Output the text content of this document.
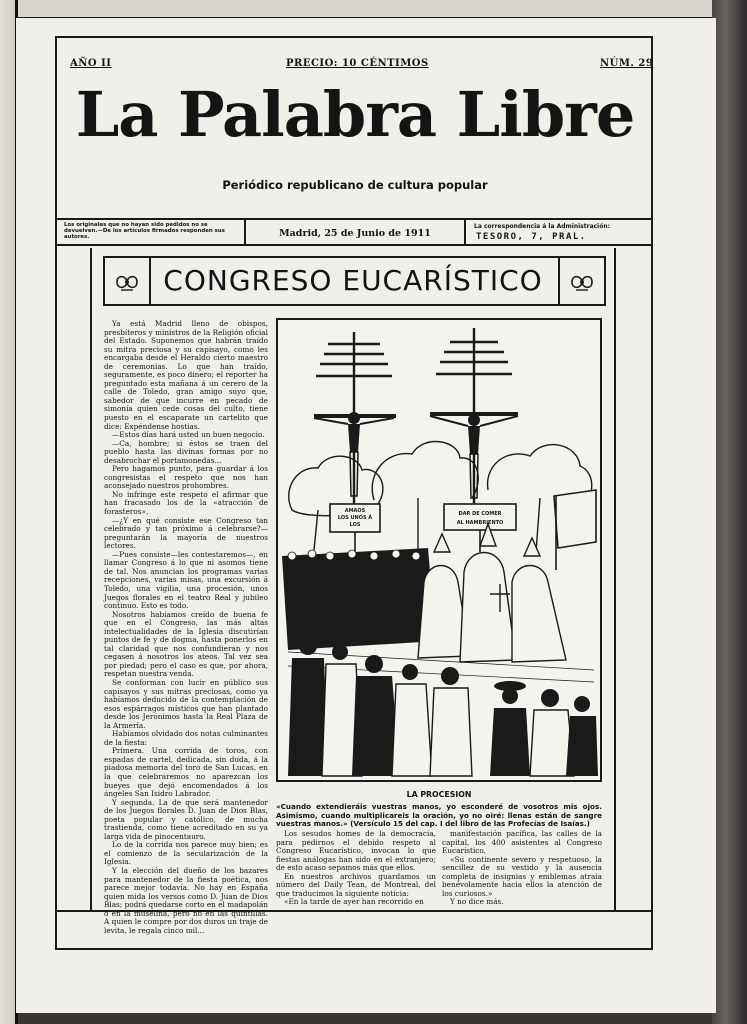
AÑO II	PRECIO: 10 CÉNTIMOS	NÚM. 29
La Palabra Libre
Periódico republicano de cultura popular
Los originales que no hayan sido pedidos no se devuelven.—De los artículos firmados responden sus autores.	Madrid, 25 de Junio de 1911
La correspondencia á la Administración:
TESORO, 7, PRAL.
CONGRESO EUCARÍSTICO

Ya está Madrid lleno de obispos, presbíteros y ministros de la Religión oficial del Estado. Suponemos que habrán traído su mitra preciosa y su capisayo, como les encargaba desde el Heraldo cierto maestro de ceremonias. Lo que han traído, seguramente, es poco dinero; el reporter ha preguntado esta mañana á un cerero de la calle de Toledo, gran amigo suyo que, sabedor de que incurre en pecado de simonía quien cede cosas del culto, tiene puesto en el escaparate un cartelito que dice: Expéndense hostias.

—Estos días hará usted un buen negocio.

—Ca, hombre; si éstos se traen del pueblo hasta las divinas formas por no desabrochar el portamonedas...

Pero hagamos punto, para guardar á los congresistas el respeto que nos han aconsejado nuestros prohombres.

No infringe este respeto el afirmar que han fracasado los de la «atracción de forasteros».

—¿Y en qué consiste ese Congreso tan celebrado y tan próximo á celebrarse?—preguntarán la mayoría de nuestros lectores.

—Pues consiste—les contestaremos—, en llamar Congreso á lo que ni asomos tiene de tal. Nos anuncian los programas varias recepciones, varias misas, una excursión á Toledo, una vigilia, una procesión, unos Juegos florales en el teatro Real y jubileo continuo. Esto es todo.

Nosotros habíamos creído de buena fe que en el Congreso, las más altas intelectualidades de la Iglesia discutirían puntos de fe y de dogma, hasta ponerlos en tal claridad que nos confundieran y nos cegasen á nosotros los ateos. Tal vez sea por piedad; pero el caso es que, por ahora, respetan nuestra venda.

Se conforman con lucir en público sus capisayos y sus mitras preciosas, como ya habíamos deducido de la contemplación de esos espárragos místicos que han plantado desde los Jerónimos hasta la Real Plaza de la Armería.

Habíamos olvidado dos notas culminantes de la fiesta:

Primera. Una corrida de toros, con espadas de cartel, dedicada, sin duda, á la piadosa memoria del toro de San Lucas, en la que celebraremos no aparezcan los bueyes que dejó encomendados á los ángeles San Isidro Labrador.

Y segunda. La de que será mantenedor de los Juegos florales D. Juan de Dios Blas, poeta popular y católico, de mucha trastienda, como tiene acreditado en su ya larga vida de pinocentauro.

Lo de la corrida nos parece muy bien; es el comienzo de la secularización de la Iglesia.

Y la elección del dueño de los bazares para mantenedor de la fiesta poética, nos parece mejor todavía. No hay en España quien mida los versos como D. Juan de Dios Blas; podrá quedarse corto en el madapolán ó en la muselina, pero no en las quintillas. A quien le compre por dos duros un traje de levita, le regala cinco mil...

AMAOS LOS UNOS Á LOS
DAR DE COMER AL HAMBRIENTO
LA PROCESION
«Cuando extendieráis vuestras manos, yo esconderé de vosotros mis ojos. Asimismo, cuando multiplicareis la oración, yo no oiré: llenas están de sangre vuestras manos.» (Versículo 15 del cap. I del libro de las Profecías de Isaías.)

Los sesudos homes de la democracia, para pedirnos el debido respeto al Congreso Eucarístico, invocan lo que fiestas análogas han sido en el extranjero; de esto acaso sepamos más que ellos.

En nuestros archivos guardamos un número del Daily Tean, de Montreal, del que traducimos la siguiente noticia:

«En la tarde de ayer han recorrido en

manifestación pacífica, las calles de la capital, los 400 asistentes al Congreso Eucarístico.

«Su continente severo y respetuoso, la sencillez de su vestido y la ausencia completa de insignias y emblemas atraía benévolamente hacia ellos la atención de los curiosos.»

Y no dice más.
